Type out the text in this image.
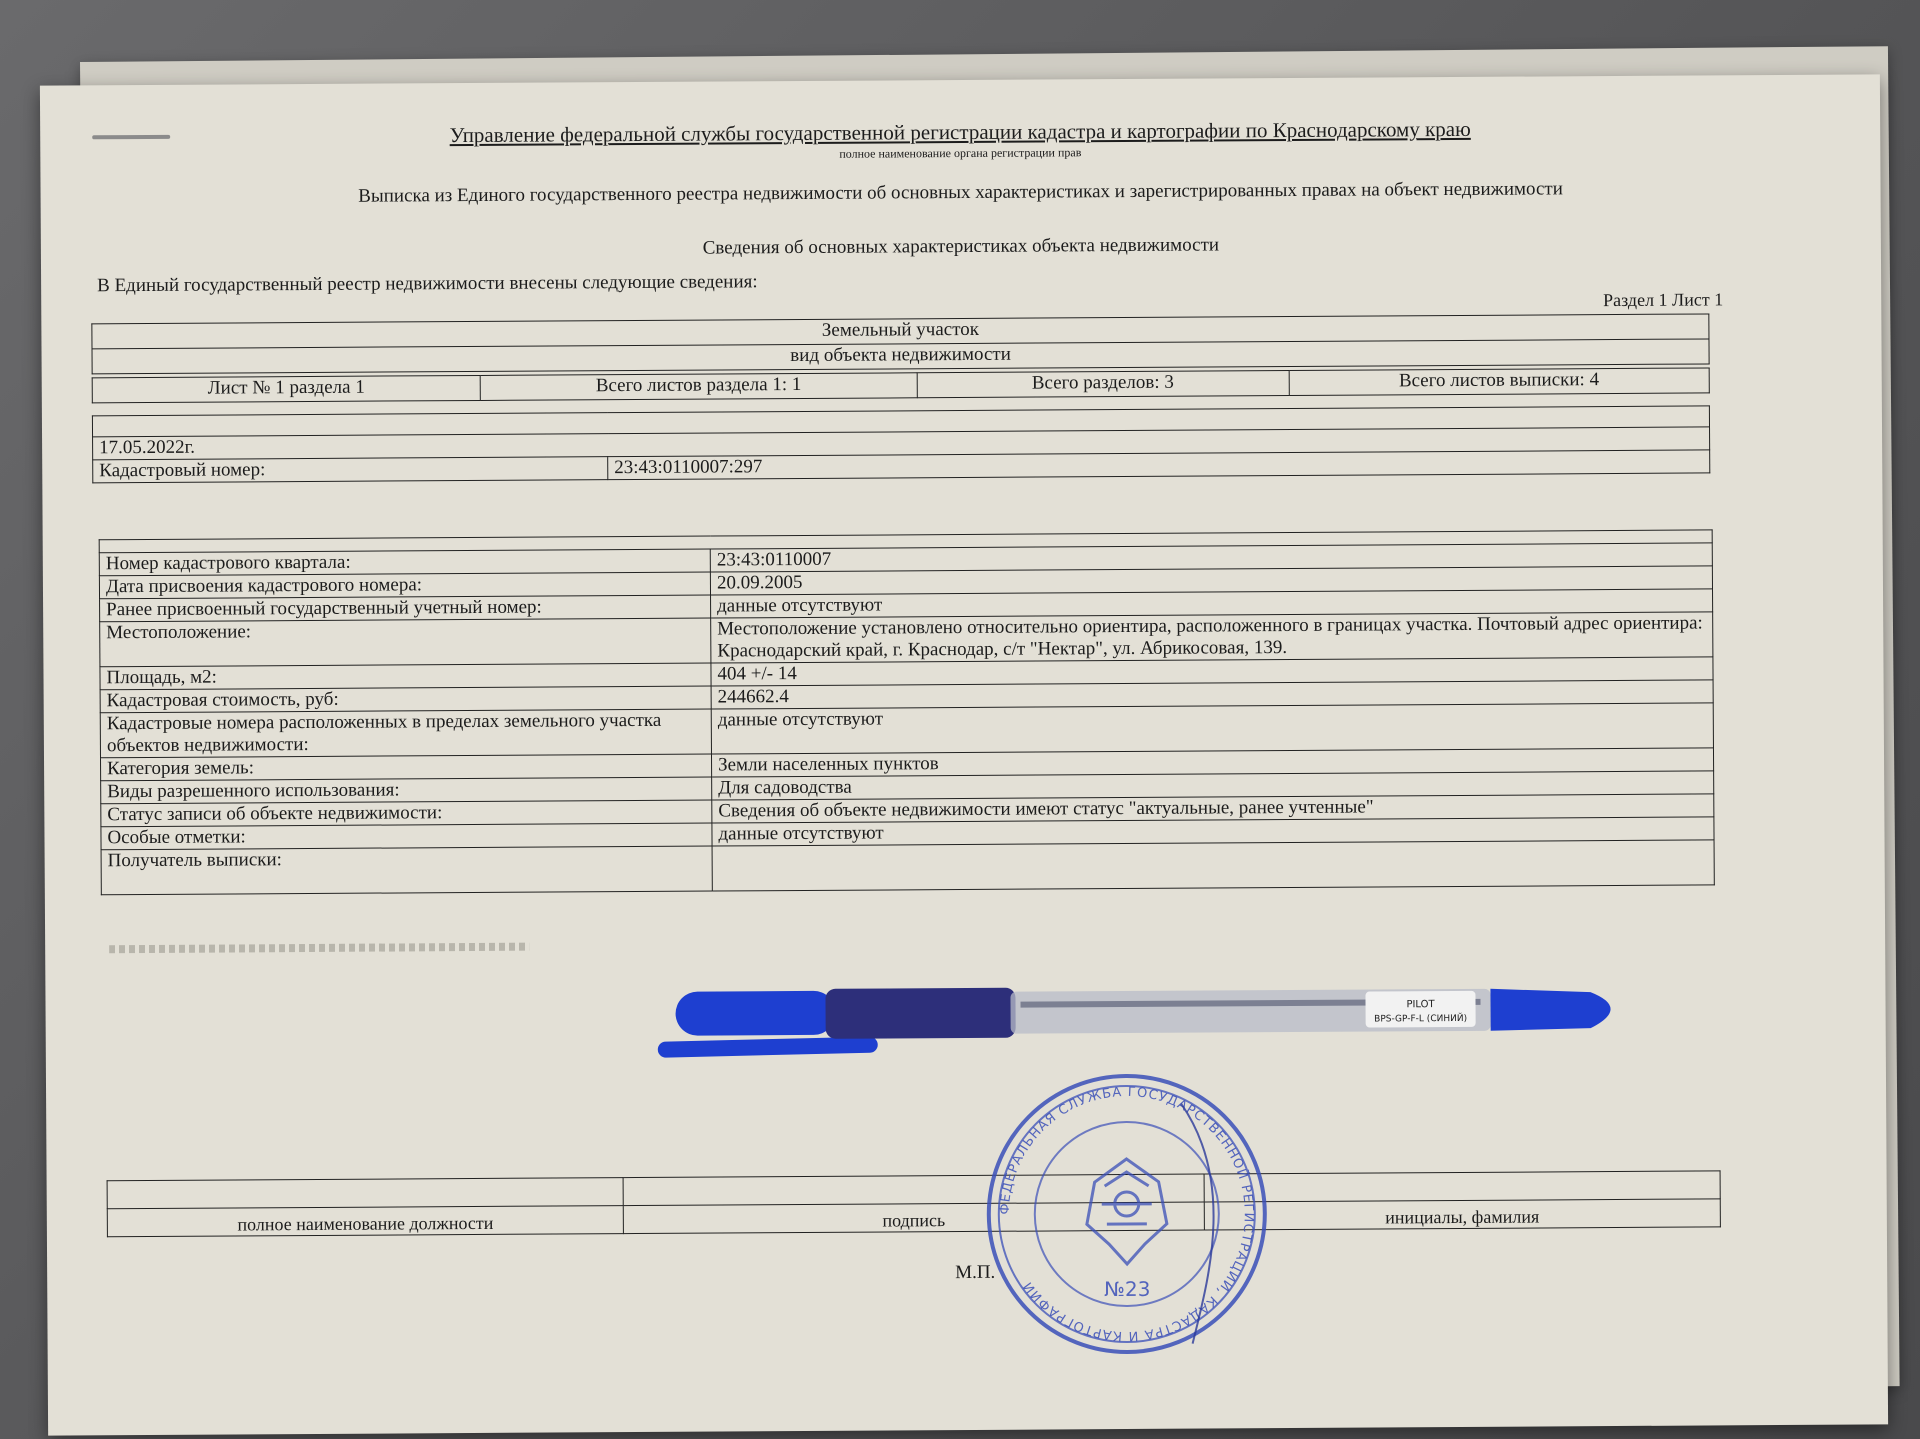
Управление федеральной службы государственной регистрации кадастра и картографии по Краснодарскому краю
полное наименование органа регистрации прав
Выписка из Единого государственного реестра недвижимости об основных характеристиках и зарегистрированных правах на объект недвижимости
Сведения об основных характеристиках объекта недвижимости
В Единый государственный реестр недвижимости внесены следующие сведения:
Раздел 1 Лист 1
Земельный участок
вид объекта недвижимости
Лист № 1 раздела 1	Всего листов раздела 1: 1	Всего разделов: 3	Всего листов выписки: 4

17.05.2022г.
Кадастровый номер:	23:43:0110007:297

Номер кадастрового квартала:	23:43:0110007
Дата присвоения кадастрового номера:	20.09.2005
Ранее присвоенный государственный учетный номер:	данные отсутствуют
Местоположение:	Местоположение установлено относительно ориентира, расположенного в границах участка. Почтовый адрес ориентира: Краснодарский край, г. Краснодар, с/т "Нектар", ул. Абрикосовая, 139.
Площадь, м2:	404 +/- 14
Кадастровая стоимость, руб:	244662.4
Кадастровые номера расположенных в пределах земельного участка объектов недвижимости:	данные отсутствуют
Категория земель:	Земли населенных пунктов
Виды разрешенного использования:	Для садоводства
Статус записи об объекте недвижимости:	Сведения об объекте недвижимости имеют статус "актуальные, ранее учтенные"
Особые отметки:	данные отсутствуют
Получатель выписки:	

полное наименование должности	подпись	инициалы, фамилия
М.П.
ФЕДЕРАЛЬНАЯ СЛУЖБА ГОСУДАРСТВЕННОЙ РЕГИСТРАЦИИ, КАДАСТРА И КАРТОГРАФИИ	№23
PILOT
BPS-GP-F-L (СИНИЙ)
